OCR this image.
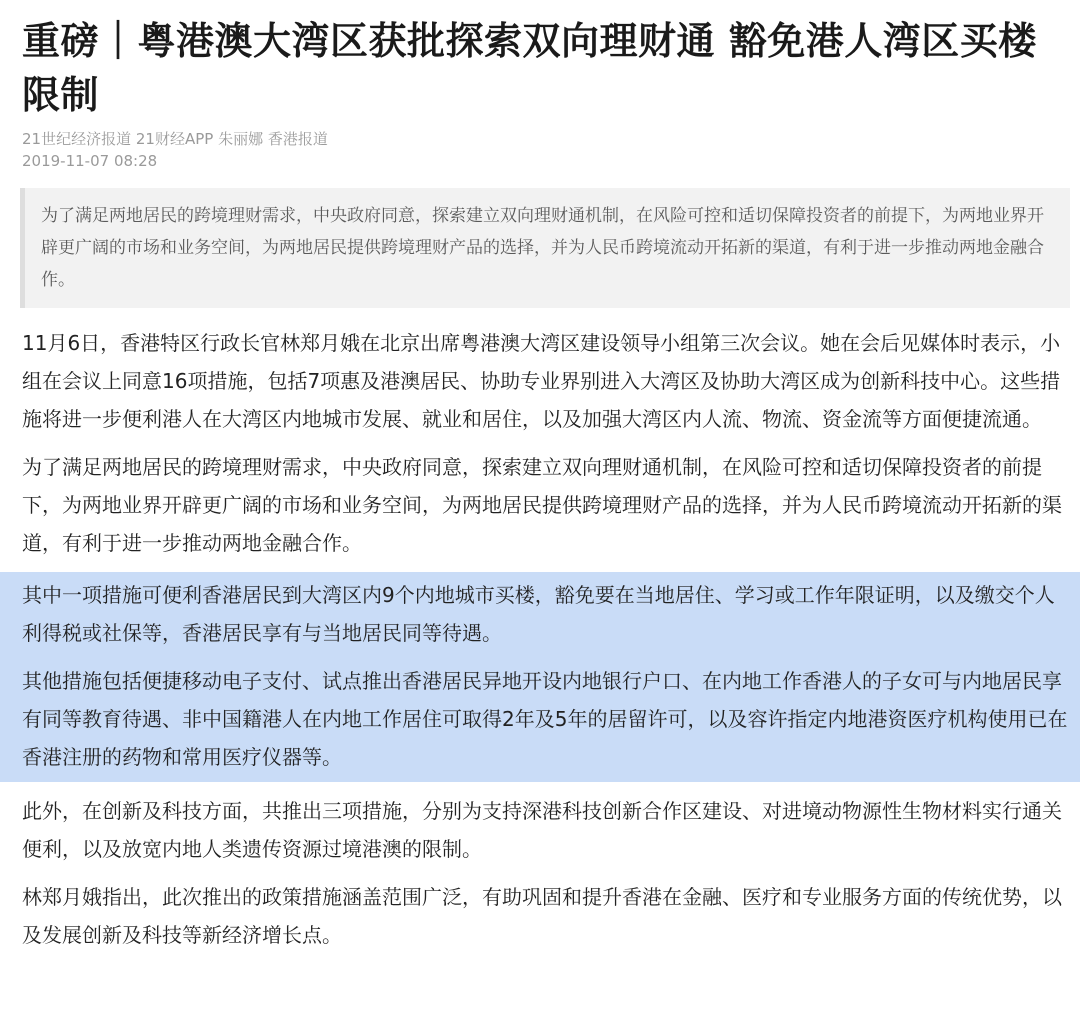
重磅｜粤港澳大湾区获批探索双向理财通 豁免港人湾区买楼限制
21世纪经济报道 21财经APP 朱丽娜 香港报道
2019-11-07 08:28
为了满足两地居民的跨境理财需求，中央政府同意，探索建立双向理财通机制，在风险可控和适切保障投资者的前提下，为两地业界开辟更广阔的市场和业务空间，为两地居民提供跨境理财产品的选择，并为人民币跨境流动开拓新的渠道，有利于进一步推动两地金融合作。

11月6日，香港特区行政长官林郑月娥在北京出席粤港澳大湾区建设领导小组第三次会议。她在会后见媒体时表示，小组在会议上同意16项措施，包括7项惠及港澳居民、协助专业界别进入大湾区及协助大湾区成为创新科技中心。这些措施将进一步便利港人在大湾区内地城市发展、就业和居住，以及加强大湾区内人流、物流、资金流等方面便捷流通。

为了满足两地居民的跨境理财需求，中央政府同意，探索建立双向理财通机制，在风险可控和适切保障投资者的前提下，为两地业界开辟更广阔的市场和业务空间，为两地居民提供跨境理财产品的选择，并为人民币跨境流动开拓新的渠道，有利于进一步推动两地金融合作。

其中一项措施可便利香港居民到大湾区内9个内地城市买楼，豁免要在当地居住、学习或工作年限证明，以及缴交个人利得税或社保等，香港居民享有与当地居民同等待遇。

其他措施包括便捷移动电子支付、试点推出香港居民异地开设内地银行户口、在内地工作香港人的子女可与内地居民享有同等教育待遇、非中国籍港人在内地工作居住可取得2年及5年的居留许可，以及容许指定内地港资医疗机构使用已在香港注册的药物和常用医疗仪器等。

此外，在创新及科技方面，共推出三项措施，分别为支持深港科技创新合作区建设、对进境动物源性生物材料实行通关便利，以及放宽内地人类遗传资源过境港澳的限制。

林郑月娥指出，此次推出的政策措施涵盖范围广泛，有助巩固和提升香港在金融、医疗和专业服务方面的传统优势，以及发展创新及科技等新经济增长点。
